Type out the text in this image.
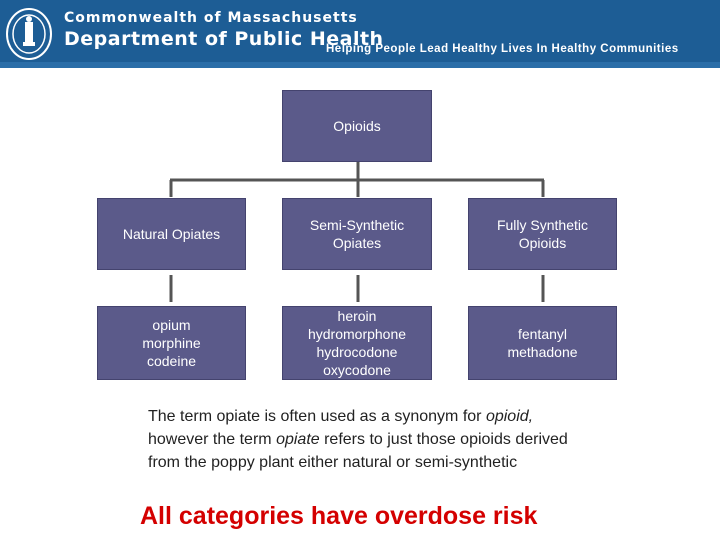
Commonwealth of Massachusetts
Department of Public Health
Helping People Lead Healthy Lives In Healthy Communities
Opioids
Natural Opiates
Semi-Synthetic
Opiates
Fully Synthetic
Opioids
opium
morphine
codeine
heroin
hydromorphone
hydrocodone
oxycodone
fentanyl
methadone
The term opiate is often used as a synonym for opioid, however the term opiate refers to just those opioids derived from the poppy plant either natural or semi-synthetic
All categories have overdose risk
